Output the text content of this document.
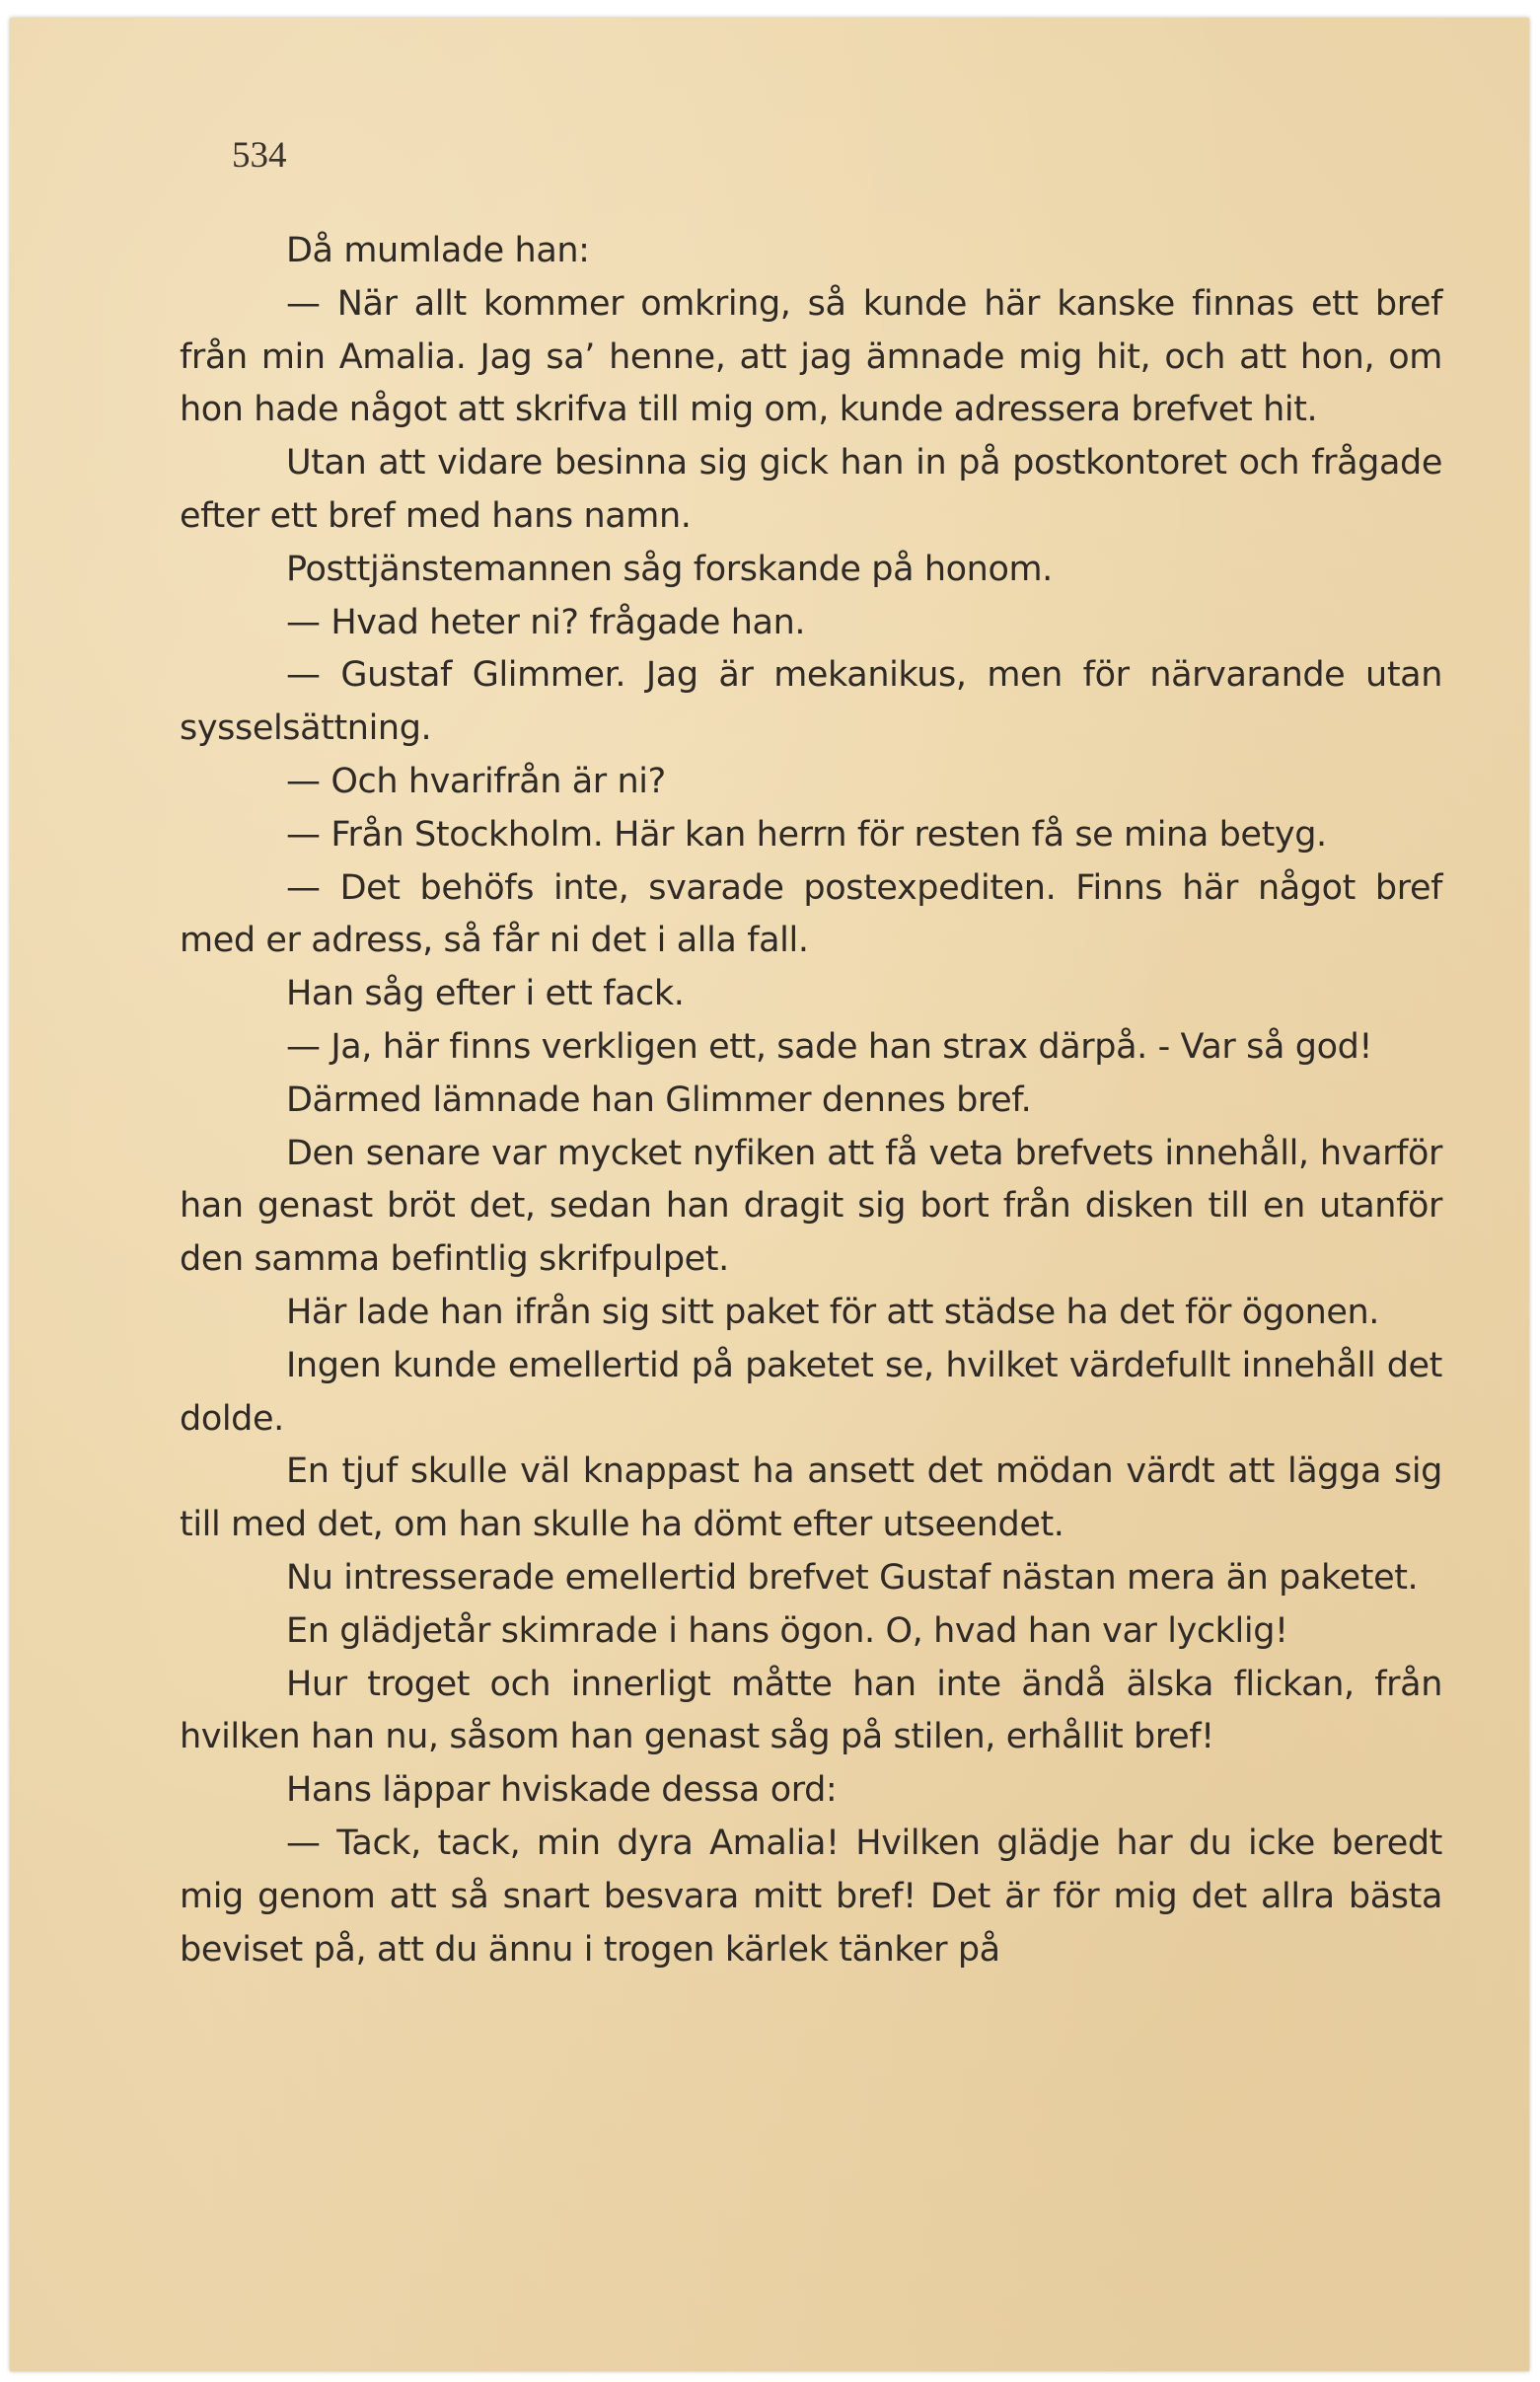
534

Då mumlade han:

— När allt kommer omkring, så kunde här kanske finnas ett bref från min Amalia. Jag sa’ henne, att jag ämnade mig hit, och att hon, om hon hade något att skrifva till mig om, kunde adressera brefvet hit.

Utan att vidare besinna sig gick han in på postkontoret och frågade efter ett bref med hans namn.

Posttjänstemannen såg forskande på honom.

— Hvad heter ni? frågade han.

— Gustaf Glimmer. Jag är mekanikus, men för närvarande utan sysselsättning.

— Och hvarifrån är ni?

— Från Stockholm. Här kan herrn för resten få se mina betyg.

— Det behöfs inte, svarade postexpediten. Finns här något bref med er adress, så får ni det i alla fall.

Han såg efter i ett fack.

— Ja, här finns verkligen ett, sade han strax därpå. - Var så god!

Därmed lämnade han Glimmer dennes bref.

Den senare var mycket nyfiken att få veta brefvets innehåll, hvarför han genast bröt det, sedan han dragit sig bort från disken till en utanför den samma befintlig skrifpulpet.

Här lade han ifrån sig sitt paket för att städse ha det för ögonen.

Ingen kunde emellertid på paketet se, hvilket värdefullt innehåll det dolde.

En tjuf skulle väl knappast ha ansett det mödan värdt att lägga sig till med det, om han skulle ha dömt efter utseendet.

Nu intresserade emellertid brefvet Gustaf nästan mera än paketet.

En glädjetår skimrade i hans ögon. O, hvad han var lycklig!

Hur troget och innerligt måtte han inte ändå älska flickan, från hvilken han nu, såsom han genast såg på stilen, erhållit bref!

Hans läppar hviskade dessa ord:

— Tack, tack, min dyra Amalia! Hvilken glädje har du icke beredt mig genom att så snart besvara mitt bref! Det är för mig det allra bästa beviset på, att du ännu i trogen kärlek tänker på
